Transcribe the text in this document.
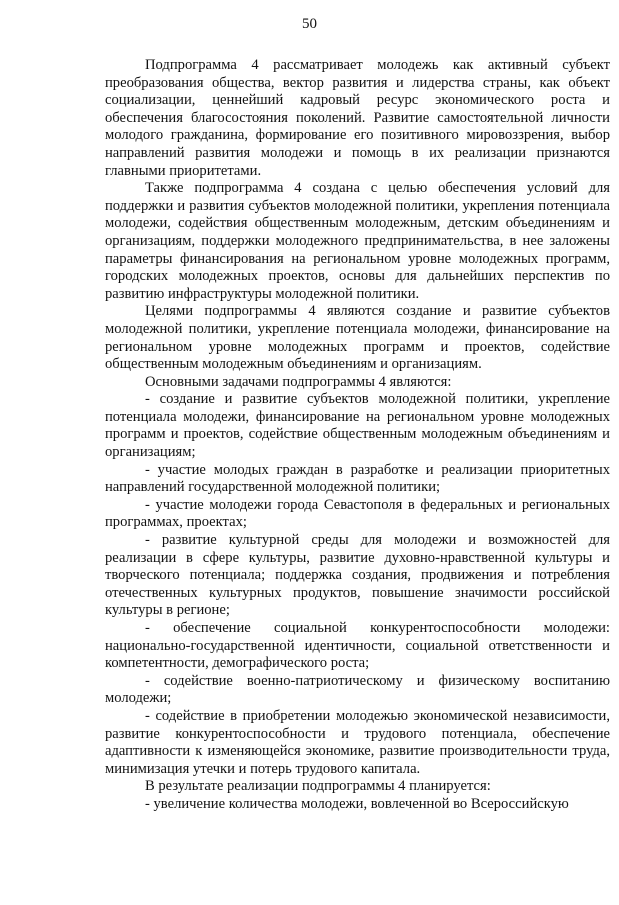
50

Подпрограмма 4 рассматривает молодежь как активный субъект преобразования общества, вектор развития и лидерства страны, как объект социализации, ценнейший кадровый ресурс экономического роста и обеспечения благосостояния поколений. Развитие самостоятельной личности молодого гражданина, формирование его позитивного мировоззрения, выбор направлений развития молодежи и помощь в их реализации признаются главными приоритетами.

Также подпрограмма 4 создана с целью обеспечения условий для поддержки и развития субъектов молодежной политики, укрепления потенциала молодежи, содействия общественным молодежным, детским объединениям и организациям, поддержки молодежного предпринимательства, в нее заложены параметры финансирования на региональном уровне молодежных программ, городских молодежных проектов, основы для дальнейших перспектив по развитию инфраструктуры молодежной политики.

Целями подпрограммы 4 являются создание и развитие субъектов молодежной политики, укрепление потенциала молодежи, финансирование на региональном уровне молодежных программ и проектов, содействие общественным молодежным объединениям и организациям.

Основными задачами подпрограммы 4 являются:

- создание и развитие субъектов молодежной политики, укрепление потенциала молодежи, финансирование на региональном уровне молодежных программ и проектов, содействие общественным молодежным объединениям и организациям;

- участие молодых граждан в разработке и реализации приоритетных направлений государственной молодежной политики;

- участие молодежи города Севастополя в федеральных и региональных программах, проектах;

- развитие культурной среды для молодежи и возможностей для реализации в сфере культуры, развитие духовно-нравственной культуры и творческого потенциала; поддержка создания, продвижения и потребления отечественных культурных продуктов, повышение значимости российской культуры в регионе;

- обеспечение социальной конкурентоспособности молодежи: национально-государственной идентичности, социальной ответственности и компетентности, демографического роста;

- содействие военно-патриотическому и физическому воспитанию молодежи;

- содействие в приобретении молодежью экономической независимости, развитие конкурентоспособности и трудового потенциала, обеспечение адаптивности к изменяющейся экономике, развитие производительности труда, минимизация утечки и потерь трудового капитала.

В результате реализации подпрограммы 4 планируется:

- увеличение количества молодежи, вовлеченной во Всероссийскую
